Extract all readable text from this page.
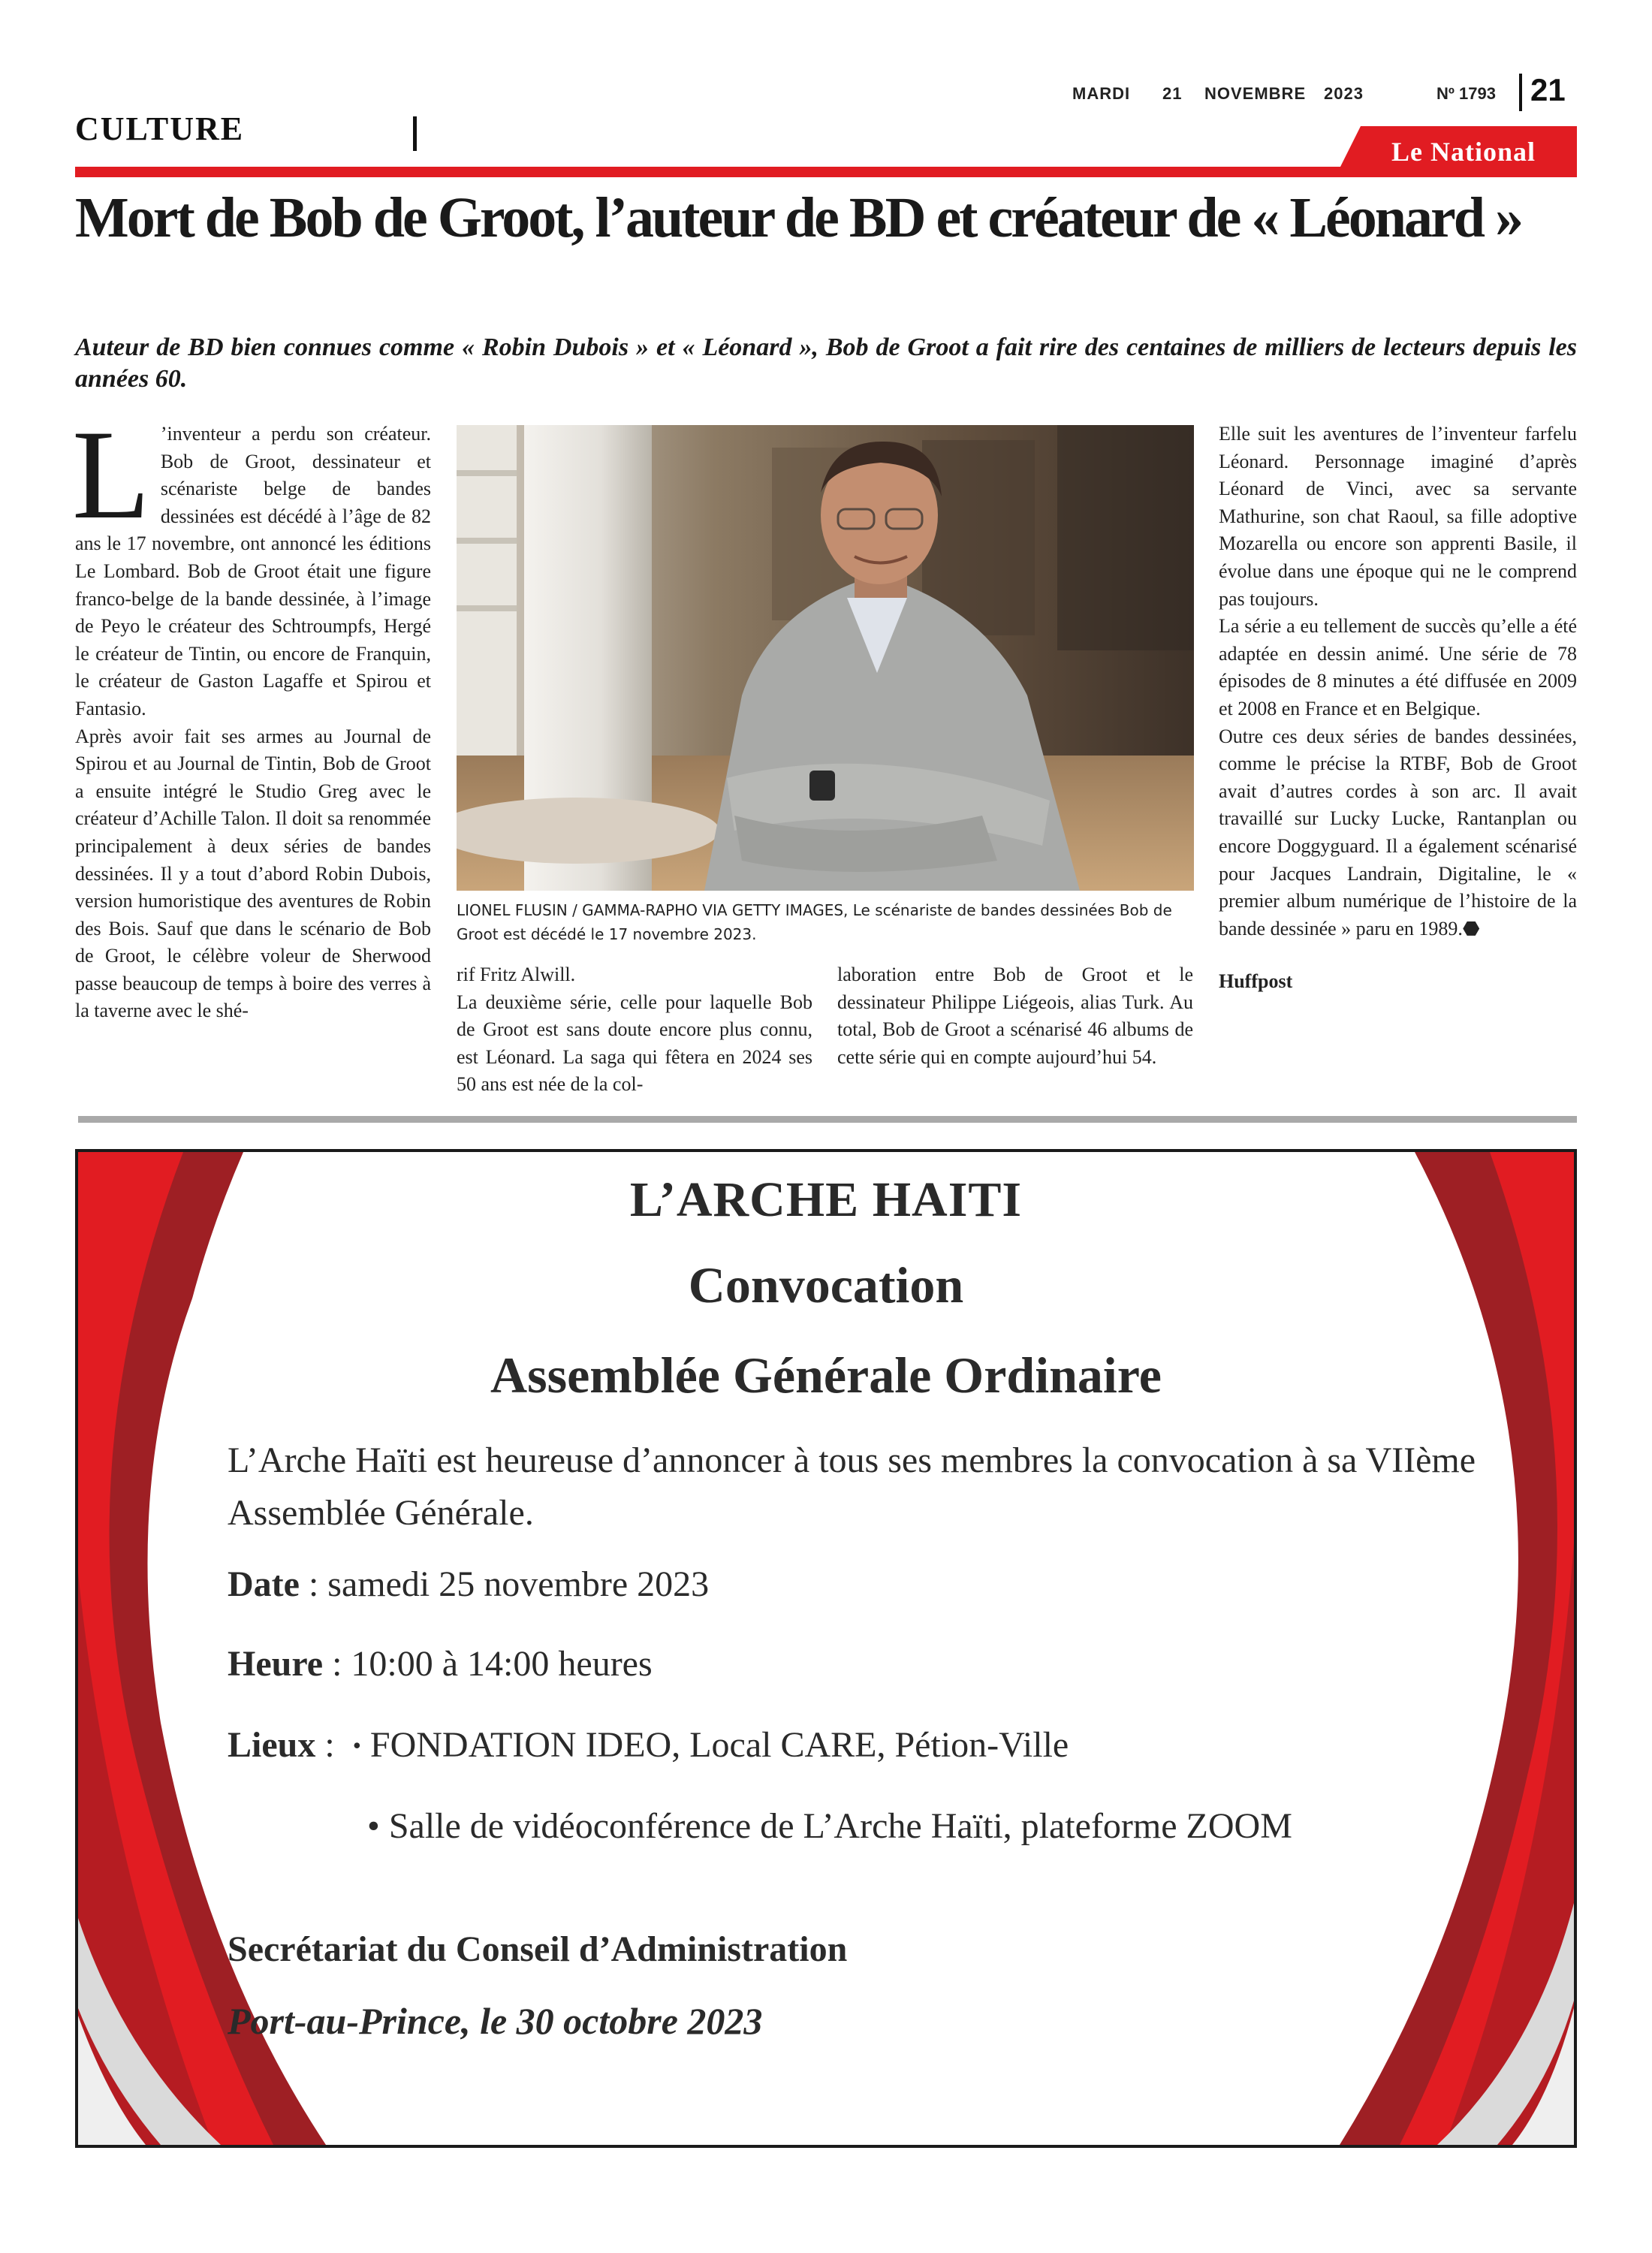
MARDI 21 NOVEMBRE 2023	Nº 1793 21
CULTURE
Le National
Mort de Bob de Groot, l’auteur de BD et créateur de « Léonard »

Auteur de BD bien connues comme « Robin Dubois » et « Léonard », Bob de Groot a fait rire des centaines de milliers de lecteurs depuis les années 60.

L ’inventeur a perdu son créateur. Bob de Groot, dessinateur et scénariste belge de bandes dessinées est décédé à l’âge de 82 ans le 17 novembre, ont annoncé les éditions Le Lombard. Bob de Groot était une figure franco-belge de la bande dessinée, à l’image de Peyo le créateur des Schtroumpfs, Hergé le créateur de Tintin, ou encore de Franquin, le créateur de Gaston Lagaffe et Spirou et Fantasio.

Après avoir fait ses armes au Journal de Spirou et au Journal de Tintin, Bob de Groot a ensuite intégré le Studio Greg avec le créateur d’Achille Talon. Il doit sa renommée principalement à deux séries de bandes dessinées. Il y a tout d’abord Robin Dubois, version humoristique des aventures de Robin des Bois. Sauf que dans le scénario de Bob de Groot, le célèbre voleur de Sherwood passe beaucoup de temps à boire des verres à la taverne avec le shé-

LIONEL FLUSIN / GAMMA-RAPHO VIA GETTY IMAGES, Le scénariste de bandes dessinées Bob de Groot est décédé le 17 novembre 2023.

rif Fritz Alwill.

La deuxième série, celle pour laquelle Bob de Groot est sans doute encore plus connu, est Léonard. La saga qui fêtera en 2024 ses 50 ans est née de la col-

laboration entre Bob de Groot et le dessinateur Philippe Liégeois, alias Turk. Au total, Bob de Groot a scénarisé 46 albums de cette série qui en compte aujourd’hui 54.

Elle suit les aventures de l’inventeur farfelu Léonard. Personnage imaginé d’après Léonard de Vinci, avec sa servante Mathurine, son chat Raoul, sa fille adoptive Mozarella ou encore son apprenti Basile, il évolue dans une époque qui ne le comprend pas toujours.

La série a eu tellement de succès qu’elle a été adaptée en dessin animé. Une série de 78 épisodes de 8 minutes a été diffusée en 2009 et 2008 en France et en Belgique.

Outre ces deux séries de bandes dessinées, comme le précise la RTBF, Bob de Groot avait d’autres cordes à son arc. Il avait travaillé sur Lucky Lucke, Rantanplan ou encore Doggyguard. Il a également scénarisé pour Jacques Landrain, Digitaline, le « premier album numérique de l’histoire de la bande dessinée » paru en 1989.⬣

Huffpost

L’ARCHE HAITI
Convocation
Assemblée Générale Ordinaire

L’Arche Haïti est heureuse d’annoncer à tous ses membres la convocation à sa VIIème Assemblée Générale.

Date : samedi 25 novembre 2023
Heure : 10:00 à 14:00 heures
Lieux :  • FONDATION IDEO, Local CARE, Pétion-Ville
• Salle de vidéoconférence de L’Arche Haïti, plateforme ZOOM
Secrétariat du Conseil d’Administration
Port-au-Prince, le 30 octobre 2023
